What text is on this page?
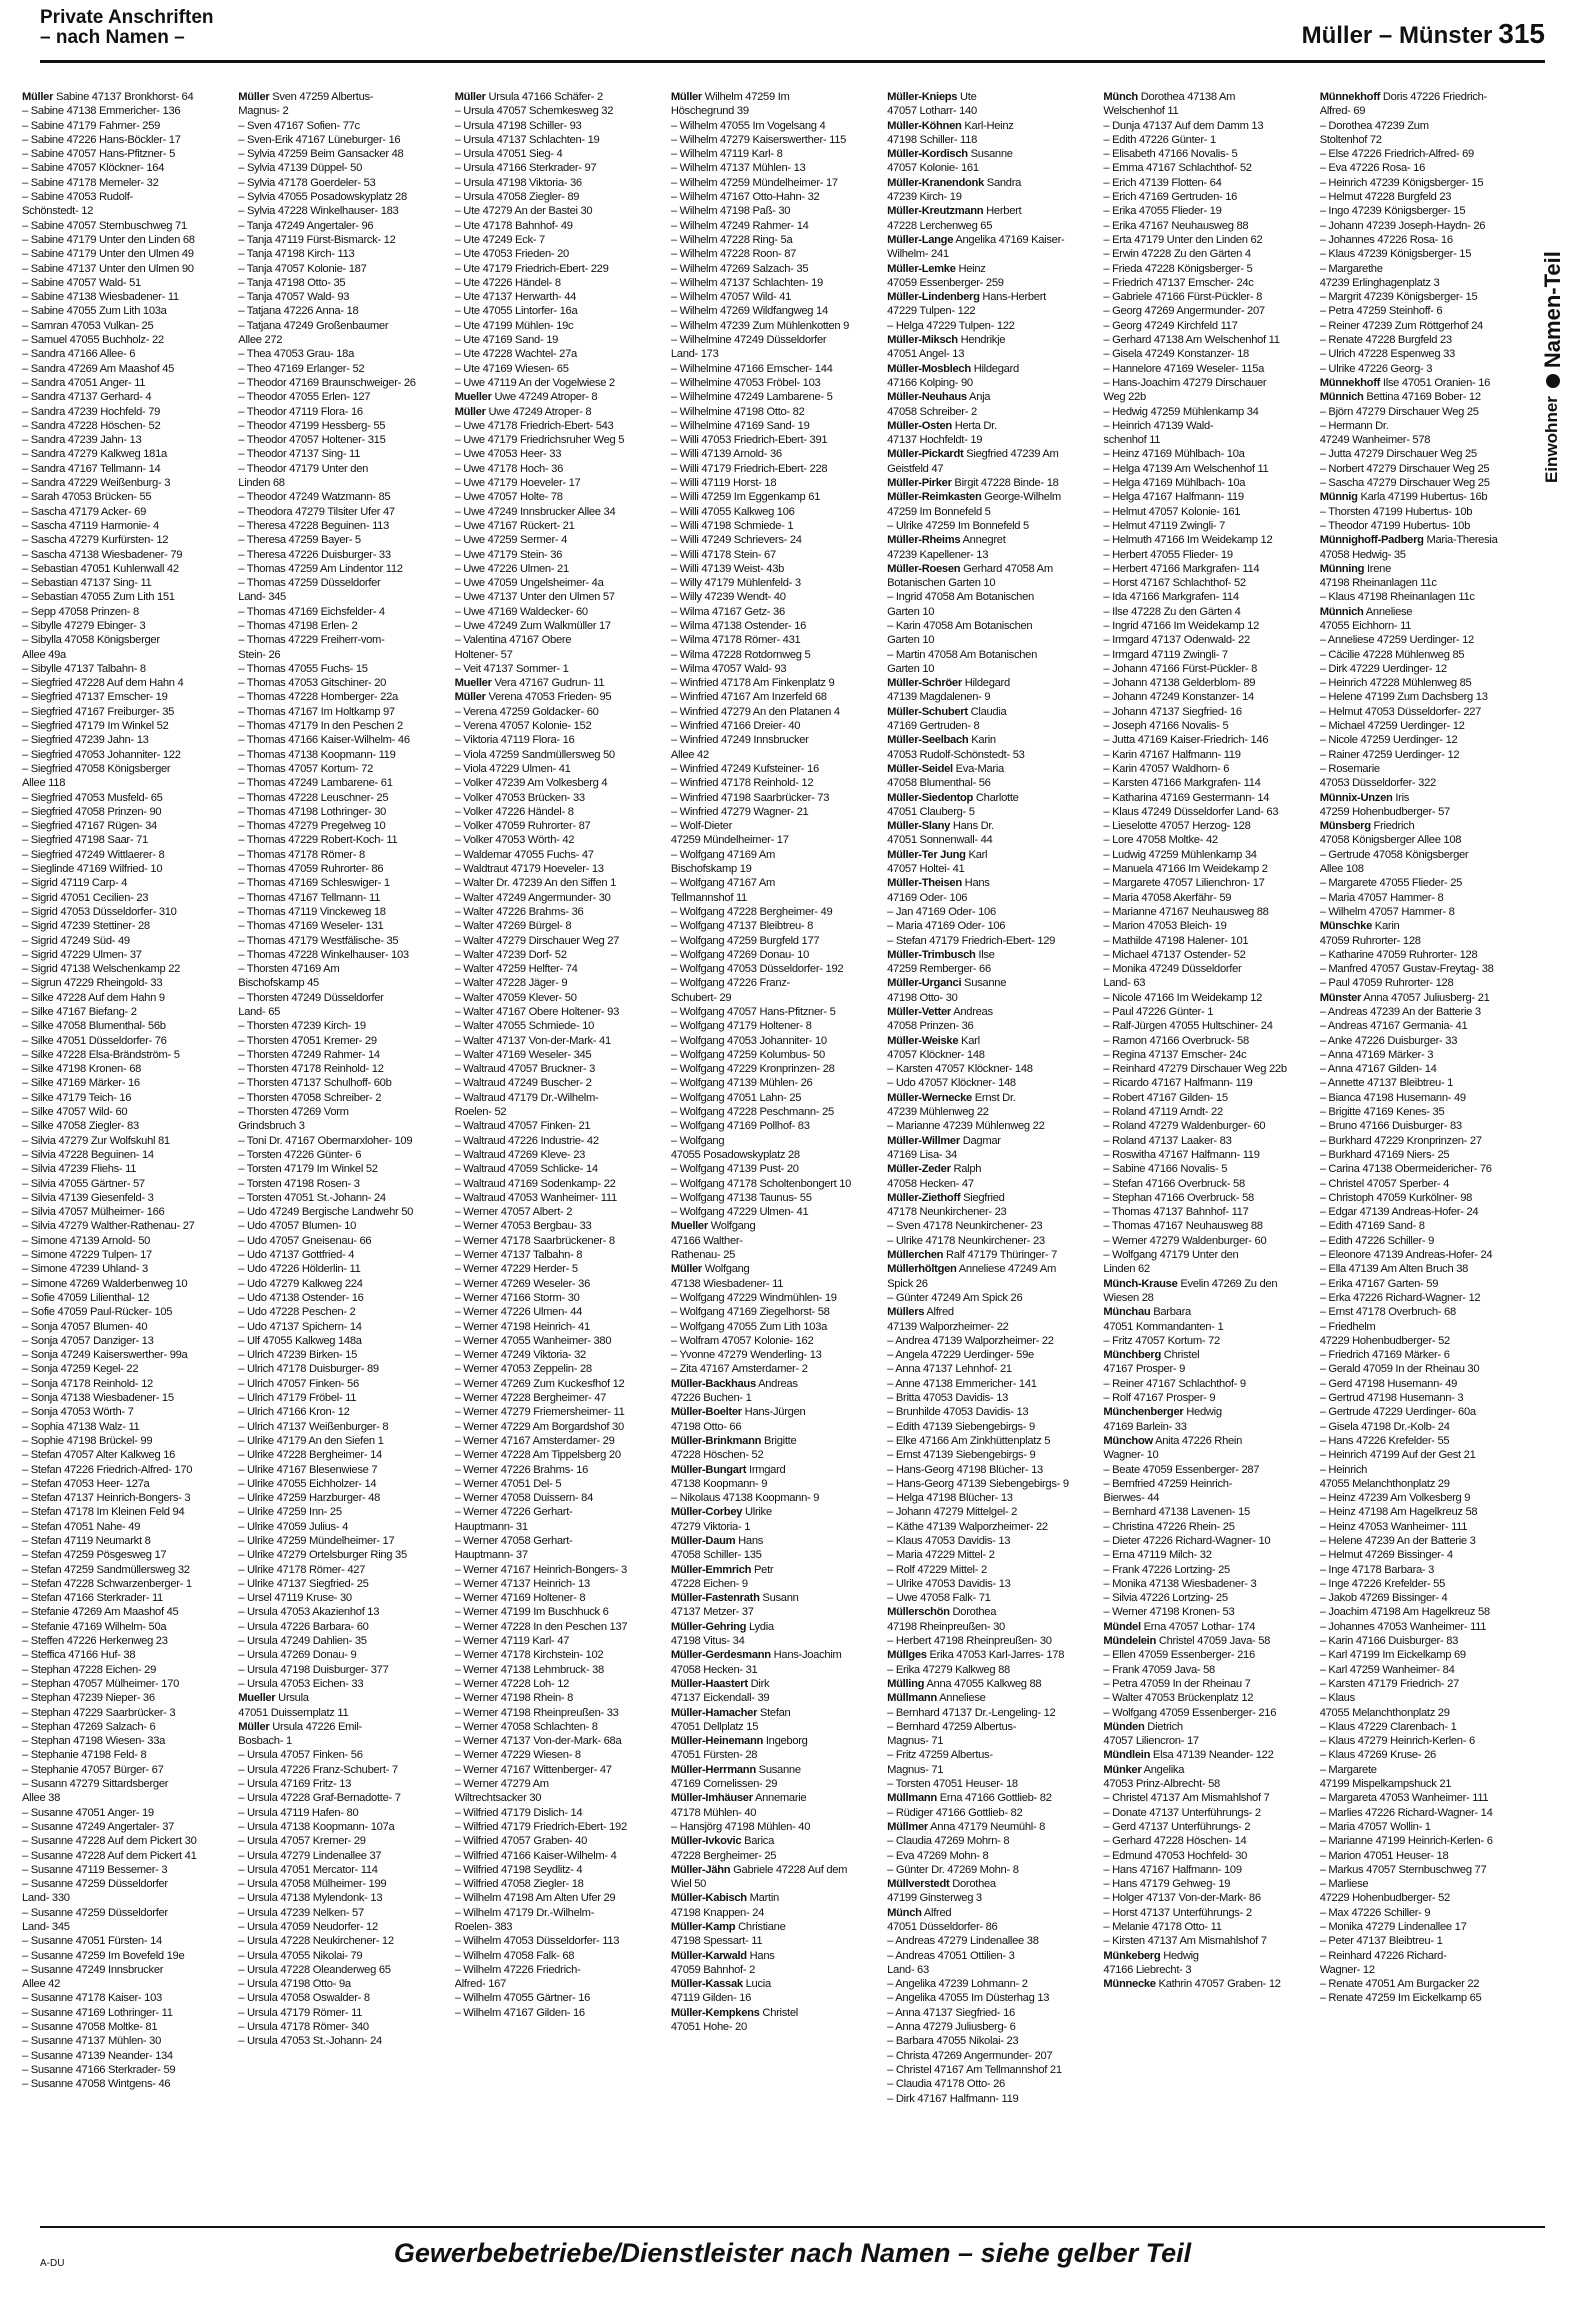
Private Anschriften
– nach Namen –	Müller – Münster 315
EinwohnerNamen-Teil
Müller Sabine 47137 Bronkhorst- 64
– Sabine 47138 Emmericher- 136
– Sabine 47179 Fahrner- 259
– Sabine 47226 Hans-Böckler- 17
– Sabine 47057 Hans-Pfitzner- 5
– Sabine 47057 Klöckner- 164
– Sabine 47178 Memeler- 32
– Sabine 47053 Rudolf-
Schönstedt- 12
– Sabine 47057 Sternbuschweg 71
– Sabine 47179 Unter den Linden 68
– Sabine 47179 Unter den Ulmen 49
– Sabine 47137 Unter den Ulmen 90
– Sabine 47057 Wald- 51
– Sabine 47138 Wiesbadener- 11
– Sabine 47055 Zum Lith 103a
– Samran 47053 Vulkan- 25
– Samuel 47055 Buchholz- 22
– Sandra 47166 Allee- 6
– Sandra 47269 Am Maashof 45
– Sandra 47051 Anger- 11
– Sandra 47137 Gerhard- 4
– Sandra 47239 Hochfeld- 79
– Sandra 47228 Höschen- 52
– Sandra 47239 Jahn- 13
– Sandra 47279 Kalkweg 181a
– Sandra 47167 Tellmann- 14
– Sandra 47229 Weißenburg- 3
– Sarah 47053 Brücken- 55
– Sascha 47179 Acker- 69
– Sascha 47119 Harmonie- 4
– Sascha 47279 Kurfürsten- 12
– Sascha 47138 Wiesbadener- 79
– Sebastian 47051 Kuhlenwall 42
– Sebastian 47137 Sing- 11
– Sebastian 47055 Zum Lith 151
– Sepp 47058 Prinzen- 8
– Sibylle 47279 Ebinger- 3
– Sibylla 47058 Königsberger
Allee 49a
– Sibylle 47137 Talbahn- 8
– Siegfried 47228 Auf dem Hahn 4
– Siegfried 47137 Emscher- 19
– Siegfried 47167 Freiburger- 35
– Siegfried 47179 Im Winkel 52
– Siegfried 47239 Jahn- 13
– Siegfried 47053 Johanniter- 122
– Siegfried 47058 Königsberger
Allee 118
– Siegfried 47053 Musfeld- 65
– Siegfried 47058 Prinzen- 90
– Siegfried 47167 Rügen- 34
– Siegfried 47198 Saar- 71
– Siegfried 47249 Wittlaerer- 8
– Sieglinde 47169 Wilfried- 10
– Sigrid 47119 Carp- 4
– Sigrid 47051 Cecilien- 23
– Sigrid 47053 Düsseldorfer- 310
– Sigrid 47239 Stettiner- 28
– Sigrid 47249 Süd- 49
– Sigrid 47229 Ulmen- 37
– Sigrid 47138 Welschenkamp 22
– Sigrun 47229 Rheingold- 33
– Silke 47228 Auf dem Hahn 9
– Silke 47167 Biefang- 2
– Silke 47058 Blumenthal- 56b
– Silke 47051 Düsseldorfer- 76
– Silke 47228 Elsa-Brändström- 5
– Silke 47198 Kronen- 68
– Silke 47169 Märker- 16
– Silke 47179 Teich- 16
– Silke 47057 Wild- 60
– Silke 47058 Ziegler- 83
– Silvia 47279 Zur Wolfskuhl 81
– Silvia 47228 Beguinen- 14
– Silvia 47239 Fliehs- 11
– Silvia 47055 Gärtner- 57
– Silvia 47139 Giesenfeld- 3
– Silvia 47057 Mülheimer- 166
– Silvia 47279 Walther-Rathenau- 27
– Simone 47139 Arnold- 50
– Simone 47229 Tulpen- 17
– Simone 47239 Uhland- 3
– Simone 47269 Walderbenweg 10
– Sofie 47059 Lilienthal- 12
– Sofie 47059 Paul-Rücker- 105
– Sonja 47057 Blumen- 40
– Sonja 47057 Danziger- 13
– Sonja 47249 Kaiserswerther- 99a
– Sonja 47259 Kegel- 22
– Sonja 47178 Reinhold- 12
– Sonja 47138 Wiesbadener- 15
– Sonja 47053 Wörth- 7
– Sophia 47138 Walz- 11
– Sophie 47198 Brückel- 99
– Stefan 47057 Alter Kalkweg 16
– Stefan 47226 Friedrich-Alfred- 170
– Stefan 47053 Heer- 127a
– Stefan 47137 Heinrich-Bongers- 3
– Stefan 47178 Im Kleinen Feld 94
– Stefan 47051 Nahe- 49
– Stefan 47119 Neumarkt 8
– Stefan 47259 Pösgesweg 17
– Stefan 47259 Sandmüllersweg 32
– Stefan 47228 Schwarzenberger- 1
– Stefan 47166 Sterkrader- 11
– Stefanie 47269 Am Maashof 45
– Stefanie 47169 Wilhelm- 50a
– Steffen 47226 Herkenweg 23
– Steffica 47166 Huf- 38
– Stephan 47228 Eichen- 29
– Stephan 47057 Mülheimer- 170
– Stephan 47239 Nieper- 36
– Stephan 47229 Saarbrücker- 3
– Stephan 47269 Salzach- 6
– Stephan 47198 Wiesen- 33a
– Stephanie 47198 Feld- 8
– Stephanie 47057 Bürger- 67
– Susann 47279 Sittardsberger
Allee 38
– Susanne 47051 Anger- 19
– Susanne 47249 Angertaler- 37
– Susanne 47228 Auf dem Pickert 30
– Susanne 47228 Auf dem Pickert 41
– Susanne 47119 Bessemer- 3
– Susanne 47259 Düsseldorfer
Land- 330
– Susanne 47259 Düsseldorfer
Land- 345
– Susanne 47051 Fürsten- 14
– Susanne 47259 Im Bovefeld 19e
– Susanne 47249 Innsbrucker
Allee 42
– Susanne 47178 Kaiser- 103
– Susanne 47169 Lothringer- 11
– Susanne 47058 Moltke- 81
– Susanne 47137 Mühlen- 30
– Susanne 47139 Neander- 134
– Susanne 47166 Sterkrader- 59
– Susanne 47058 Wintgens- 46
Müller Sven 47259 Albertus-
Magnus- 2
– Sven 47167 Sofien- 77c
– Sven-Erik 47167 Lüneburger- 16
– Sylvia 47259 Beim Gansacker 48
– Sylvia 47139 Düppel- 50
– Sylvia 47178 Goerdeler- 53
– Sylvia 47055 Posadowskyplatz 28
– Sylvia 47228 Winkelhauser- 183
– Tanja 47249 Angertaler- 96
– Tanja 47119 Fürst-Bismarck- 12
– Tanja 47198 Kirch- 113
– Tanja 47057 Kolonie- 187
– Tanja 47198 Otto- 35
– Tanja 47057 Wald- 93
– Tatjana 47226 Anna- 18
– Tatjana 47249 Großenbaumer
Allee 272
– Thea 47053 Grau- 18a
– Theo 47169 Erlanger- 52
– Theodor 47169 Braunschweiger- 26
– Theodor 47055 Erlen- 127
– Theodor 47119 Flora- 16
– Theodor 47199 Hessberg- 55
– Theodor 47057 Holtener- 315
– Theodor 47137 Sing- 11
– Theodor 47179 Unter den
Linden 68
– Theodor 47249 Watzmann- 85
– Theodora 47279 Tilsiter Ufer 47
– Theresa 47228 Beguinen- 113
– Theresa 47259 Bayer- 5
– Theresa 47226 Duisburger- 33
– Thomas 47259 Am Lindentor 112
– Thomas 47259 Düsseldorfer
Land- 345
– Thomas 47169 Eichsfelder- 4
– Thomas 47198 Erlen- 2
– Thomas 47229 Freiherr-vom-
Stein- 26
– Thomas 47055 Fuchs- 15
– Thomas 47053 Gitschiner- 20
– Thomas 47228 Homberger- 22a
– Thomas 47167 Im Holtkamp 97
– Thomas 47179 In den Peschen 2
– Thomas 47166 Kaiser-Wilhelm- 46
– Thomas 47138 Koopmann- 119
– Thomas 47057 Kortum- 72
– Thomas 47249 Lambarene- 61
– Thomas 47228 Leuschner- 25
– Thomas 47198 Lothringer- 30
– Thomas 47279 Pregelweg 10
– Thomas 47229 Robert-Koch- 11
– Thomas 47178 Römer- 8
– Thomas 47059 Ruhrorter- 86
– Thomas 47169 Schleswiger- 1
– Thomas 47167 Tellmann- 11
– Thomas 47119 Vinckeweg 18
– Thomas 47169 Weseler- 131
– Thomas 47179 Westfälische- 35
– Thomas 47228 Winkelhauser- 103
– Thorsten 47169 Am
Bischofskamp 45
– Thorsten 47249 Düsseldorfer
Land- 65
– Thorsten 47239 Kirch- 19
– Thorsten 47051 Kremer- 29
– Thorsten 47249 Rahmer- 14
– Thorsten 47178 Reinhold- 12
– Thorsten 47137 Schulhoff- 60b
– Thorsten 47058 Schreiber- 2
– Thorsten 47269 Vorm
Grindsbruch 3
– Toni Dr. 47167 Obermarxloher- 109
– Torsten 47226 Günter- 6
– Torsten 47179 Im Winkel 52
– Torsten 47198 Rosen- 3
– Torsten 47051 St.-Johann- 24
– Udo 47249 Bergische Landwehr 50
– Udo 47057 Blumen- 10
– Udo 47057 Gneisenau- 66
– Udo 47137 Gottfried- 4
– Udo 47226 Hölderlin- 11
– Udo 47279 Kalkweg 224
– Udo 47138 Ostender- 16
– Udo 47228 Peschen- 2
– Udo 47137 Spichern- 14
– Ulf 47055 Kalkweg 148a
– Ulrich 47239 Birken- 15
– Ulrich 47178 Duisburger- 89
– Ulrich 47057 Finken- 56
– Ulrich 47179 Fröbel- 11
– Ulrich 47166 Kron- 12
– Ulrich 47137 Weißenburger- 8
– Ulrike 47179 An den Siefen 1
– Ulrike 47228 Bergheimer- 14
– Ulrike 47167 Blesenwiese 7
– Ulrike 47055 Eichholzer- 14
– Ulrike 47259 Harzburger- 48
– Ulrike 47259 Inn- 25
– Ulrike 47059 Julius- 4
– Ulrike 47259 Mündelheimer- 17
– Ulrike 47279 Ortelsburger Ring 35
– Ulrike 47178 Römer- 427
– Ulrike 47137 Siegfried- 25
– Ursel 47119 Kruse- 30
– Ursula 47053 Akazienhof 13
– Ursula 47226 Barbara- 60
– Ursula 47249 Dahlien- 35
– Ursula 47269 Donau- 9
– Ursula 47198 Duisburger- 377
– Ursula 47053 Eichen- 33
Mueller Ursula
47051 Duissernplatz 11
Müller Ursula 47226 Emil-
Bosbach- 1
– Ursula 47057 Finken- 56
– Ursula 47226 Franz-Schubert- 7
– Ursula 47169 Fritz- 13
– Ursula 47228 Graf-Bernadotte- 7
– Ursula 47119 Hafen- 80
– Ursula 47138 Koopmann- 107a
– Ursula 47057 Kremer- 29
– Ursula 47279 Lindenallee 37
– Ursula 47051 Mercator- 114
– Ursula 47058 Mülheimer- 199
– Ursula 47138 Mylendonk- 13
– Ursula 47239 Nelken- 57
– Ursula 47059 Neudorfer- 12
– Ursula 47228 Neukirchener- 12
– Ursula 47055 Nikolai- 79
– Ursula 47228 Oleanderweg 65
– Ursula 47198 Otto- 9a
– Ursula 47058 Oswalder- 8
– Ursula 47179 Römer- 11
– Ursula 47178 Römer- 340
– Ursula 47053 St.-Johann- 24
Müller Ursula 47166 Schäfer- 2
– Ursula 47057 Schemkesweg 32
– Ursula 47198 Schiller- 93
– Ursula 47137 Schlachten- 19
– Ursula 47051 Sieg- 4
– Ursula 47166 Sterkrader- 97
– Ursula 47198 Viktoria- 36
– Ursula 47058 Ziegler- 89
– Ute 47279 An der Bastei 30
– Ute 47178 Bahnhof- 49
– Ute 47249 Eck- 7
– Ute 47053 Frieden- 20
– Ute 47179 Friedrich-Ebert- 229
– Ute 47226 Händel- 8
– Ute 47137 Herwarth- 44
– Ute 47055 Lintorfer- 16a
– Ute 47199 Mühlen- 19c
– Ute 47169 Sand- 19
– Ute 47228 Wachtel- 27a
– Ute 47169 Wiesen- 65
– Uwe 47119 An der Vogelwiese 2
Mueller Uwe 47249 Atroper- 8
Müller Uwe 47249 Atroper- 8
– Uwe 47178 Friedrich-Ebert- 543
– Uwe 47179 Friedrichsruher Weg 5
– Uwe 47053 Heer- 33
– Uwe 47178 Hoch- 36
– Uwe 47179 Hoeveler- 17
– Uwe 47057 Holte- 78
– Uwe 47249 Innsbrucker Allee 34
– Uwe 47167 Rückert- 21
– Uwe 47259 Sermer- 4
– Uwe 47179 Stein- 36
– Uwe 47226 Ulmen- 21
– Uwe 47059 Ungelsheimer- 4a
– Uwe 47137 Unter den Ulmen 57
– Uwe 47169 Waldecker- 60
– Uwe 47249 Zum Walkmüller 17
– Valentina 47167 Obere
Holtener- 57
– Veit 47137 Sommer- 1
Mueller Vera 47167 Gudrun- 11
Müller Verena 47053 Frieden- 95
– Verena 47259 Goldacker- 60
– Verena 47057 Kolonie- 152
– Viktoria 47119 Flora- 16
– Viola 47259 Sandmüllersweg 50
– Viola 47229 Ulmen- 41
– Volker 47239 Am Volkesberg 4
– Volker 47053 Brücken- 33
– Volker 47226 Händel- 8
– Volker 47059 Ruhrorter- 87
– Volker 47053 Wörth- 42
– Waldemar 47055 Fuchs- 47
– Waldtraut 47179 Hoeveler- 13
– Walter Dr. 47239 An den Siffen 1
– Walter 47249 Angermunder- 30
– Walter 47226 Brahms- 36
– Walter 47269 Bürgel- 8
– Walter 47279 Dirschauer Weg 27
– Walter 47239 Dorf- 52
– Walter 47259 Helfter- 74
– Walter 47228 Jäger- 9
– Walter 47059 Klever- 50
– Walter 47167 Obere Holtener- 93
– Walter 47055 Schmiede- 10
– Walter 47137 Von-der-Mark- 41
– Walter 47169 Weseler- 345
– Waltraud 47057 Bruckner- 3
– Waltraud 47249 Buscher- 2
– Waltraud 47179 Dr.-Wilhelm-
Roelen- 52
– Waltraud 47057 Finken- 21
– Waltraud 47226 Industrie- 42
– Waltraud 47269 Kleve- 23
– Waltraud 47059 Schlicke- 14
– Waltraud 47169 Sodenkamp- 22
– Waltraud 47053 Wanheimer- 111
– Werner 47057 Albert- 2
– Werner 47053 Bergbau- 33
– Werner 47178 Saarbrückener- 8
– Werner 47137 Talbahn- 8
– Werner 47229 Herder- 5
– Werner 47269 Weseler- 36
– Werner 47166 Storm- 30
– Werner 47226 Ulmen- 44
– Werner 47198 Heinrich- 41
– Werner 47055 Wanheimer- 380
– Werner 47249 Viktoria- 32
– Werner 47053 Zeppelin- 28
– Werner 47269 Zum Kuckesfhof 12
– Werner 47228 Bergheimer- 47
– Werner 47279 Friemersheimer- 11
– Werner 47229 Am Borgardshof 30
– Werner 47167 Amsterdamer- 29
– Werner 47228 Am Tippelsberg 20
– Werner 47226 Brahms- 16
– Werner 47051 Del- 5
– Werner 47058 Duissern- 84
– Werner 47226 Gerhart-
Hauptmann- 31
– Werner 47058 Gerhart-
Hauptmann- 37
– Werner 47167 Heinrich-Bongers- 3
– Werner 47137 Heinrich- 13
– Werner 47169 Holtener- 8
– Werner 47199 Im Buschhuck 6
– Werner 47228 In den Peschen 137
– Werner 47119 Karl- 47
– Werner 47178 Kirchstein- 102
– Werner 47138 Lehmbruck- 38
– Werner 47228 Loh- 12
– Werner 47198 Rhein- 8
– Werner 47198 Rheinpreußen- 33
– Werner 47058 Schlachten- 8
– Werner 47137 Von-der-Mark- 68a
– Werner 47229 Wiesen- 8
– Werner 47167 Wittenberger- 47
– Werner 47279 Am
Wiltrechtsacker 30
– Wilfried 47179 Dislich- 14
– Wilfried 47179 Friedrich-Ebert- 192
– Wilfried 47057 Graben- 40
– Wilfried 47166 Kaiser-Wilhelm- 4
– Wilfried 47198 Seydlitz- 4
– Wilfried 47058 Ziegler- 18
– Wilhelm 47198 Am Alten Ufer 29
– Wilhelm 47179 Dr.-Wilhelm-
Roelen- 383
– Wilhelm 47053 Düsseldorfer- 113
– Wilhelm 47058 Falk- 68
– Wilhelm 47226 Friedrich-
Alfred- 167
– Wilhelm 47055 Gärtner- 16
– Wilhelm 47167 Gilden- 16
Müller Wilhelm 47259 Im
Höschegrund 39
– Wilhelm 47055 Im Vogelsang 4
– Wilhelm 47279 Kaiserswerther- 115
– Wilhelm 47119 Karl- 8
– Wilhelm 47137 Mühlen- 13
– Wilhelm 47259 Mündelheimer- 17
– Wilhelm 47167 Otto-Hahn- 32
– Wilhelm 47198 Paß- 30
– Wilhelm 47249 Rahmer- 14
– Wilhelm 47228 Ring- 5a
– Wilhelm 47228 Roon- 87
– Wilhelm 47269 Salzach- 35
– Wilhelm 47137 Schlachten- 19
– Wilhelm 47057 Wild- 41
– Wilhelm 47269 Wildfangweg 14
– Wilhelm 47239 Zum Mühlenkotten 9
– Wilhelmine 47249 Düsseldorfer
Land- 173
– Wilhelmine 47166 Emscher- 144
– Wilhelmine 47053 Fröbel- 103
– Wilhelmine 47249 Lambarene- 5
– Wilhelmine 47198 Otto- 82
– Wilhelmine 47169 Sand- 19
– Willi 47053 Friedrich-Ebert- 391
– Willi 47139 Arnold- 36
– Willi 47179 Friedrich-Ebert- 228
– Willi 47119 Horst- 18
– Willi 47259 Im Eggenkamp 61
– Willi 47055 Kalkweg 106
– Willi 47198 Schmiede- 1
– Willi 47249 Schrievers- 24
– Willi 47178 Stein- 67
– Willi 47139 Weist- 43b
– Willy 47179 Mühlenfeld- 3
– Willy 47239 Wendt- 40
– Wilma 47167 Getz- 36
– Wilma 47138 Ostender- 16
– Wilma 47178 Römer- 431
– Wilma 47228 Rotdornweg 5
– Wilma 47057 Wald- 93
– Winfried 47178 Am Finkenplatz 9
– Winfried 47167 Am Inzerfeld 68
– Winfried 47279 An den Platanen 4
– Winfried 47166 Dreier- 40
– Winfried 47249 Innsbrucker
Allee 42
– Winfried 47249 Kufsteiner- 16
– Winfried 47178 Reinhold- 12
– Winfried 47198 Saarbrücker- 73
– Winfried 47279 Wagner- 21
– Wolf-Dieter
47259 Mündelheimer- 17
– Wolfgang 47169 Am
Bischofskamp 19
– Wolfgang 47167 Am
Tellmannshof 11
– Wolfgang 47228 Bergheimer- 49
– Wolfgang 47137 Bleibtreu- 8
– Wolfgang 47259 Burgfeld 177
– Wolfgang 47269 Donau- 10
– Wolfgang 47053 Düsseldorfer- 192
– Wolfgang 47226 Franz-
Schubert- 29
– Wolfgang 47057 Hans-Pfitzner- 5
– Wolfgang 47179 Holtener- 8
– Wolfgang 47053 Johanniter- 10
– Wolfgang 47259 Kolumbus- 50
– Wolfgang 47229 Kronprinzen- 28
– Wolfgang 47139 Mühlen- 26
– Wolfgang 47051 Lahn- 25
– Wolfgang 47228 Peschmann- 25
– Wolfgang 47169 Pollhof- 83
– Wolfgang
47055 Posadowskyplatz 28
– Wolfgang 47139 Pust- 20
– Wolfgang 47178 Scholtenbongert 10
– Wolfgang 47138 Taunus- 55
– Wolfgang 47229 Ulmen- 41
Mueller Wolfgang
47166 Walther-
Rathenau- 25
Müller Wolfgang
47138 Wiesbadener- 11
– Wolfgang 47229 Windmühlen- 19
– Wolfgang 47169 Ziegelhorst- 58
– Wolfgang 47055 Zum Lith 103a
– Wolfram 47057 Kolonie- 162
– Yvonne 47279 Wenderling- 13
– Zita 47167 Amsterdamer- 2
Müller-Backhaus Andreas
47226 Buchen- 1
Müller-Boelter Hans-Jürgen
47198 Otto- 66
Müller-Brinkmann Brigitte
47228 Höschen- 52
Müller-Bungart Irmgard
47138 Koopmann- 9
– Nikolaus 47138 Koopmann- 9
Müller-Corbey Ulrike
47279 Viktoria- 1
Müller-Daum Hans
47058 Schiller- 135
Müller-Emmrich Petr
47228 Eichen- 9
Müller-Fastenrath Susann
47137 Metzer- 37
Müller-Gehring Lydia
47198 Vitus- 34
Müller-Gerdesmann Hans-Joachim
47058 Hecken- 31
Müller-Haastert Dirk
47137 Eickendall- 39
Müller-Hamacher Stefan
47051 Dellplatz 15
Müller-Heinemann Ingeborg
47051 Fürsten- 28
Müller-Herrmann Susanne
47169 Cornelissen- 29
Müller-Imhäuser Annemarie
47178 Mühlen- 40
– Hansjörg 47198 Mühlen- 40
Müller-Ivkovic Barica
47228 Bergheimer- 25
Müller-Jähn Gabriele 47228 Auf dem
Wiel 50
Müller-Kabisch Martin
47198 Knappen- 24
Müller-Kamp Christiane
47198 Spessart- 11
Müller-Karwald Hans
47059 Bahnhof- 2
Müller-Kassak Lucia
47119 Gilden- 16
Müller-Kempkens Christel
47051 Hohe- 20
Müller-Knieps Ute
47057 Lotharr- 140
Müller-Köhnen Karl-Heinz
47198 Schiller- 118
Müller-Kordisch Susanne
47057 Kolonie- 161
Müller-Kranendonk Sandra
47239 Kirch- 19
Müller-Kreutzmann Herbert
47228 Lerchenweg 65
Müller-Lange Angelika 47169 Kaiser-
Wilhelm- 241
Müller-Lemke Heinz
47059 Essenberger- 259
Müller-Lindenberg Hans-Herbert
47229 Tulpen- 122
– Helga 47229 Tulpen- 122
Müller-Miksch Hendrikje
47051 Angel- 13
Müller-Mosblech Hildegard
47166 Kolping- 90
Müller-Neuhaus Anja
47058 Schreiber- 2
Müller-Osten Herta Dr.
47137 Hochfeldt- 19
Müller-Pickardt Siegfried 47239 Am
Geistfeld 47
Müller-Pirker Birgit 47228 Binde- 18
Müller-Reimkasten George-Wilhelm
47259 Im Bonnefeld 5
– Ulrike 47259 Im Bonnefeld 5
Müller-Rheims Annegret
47239 Kapellener- 13
Müller-Roesen Gerhard 47058 Am
Botanischen Garten 10
– Ingrid 47058 Am Botanischen
Garten 10
– Karin 47058 Am Botanischen
Garten 10
– Martin 47058 Am Botanischen
Garten 10
Müller-Schröer Hildegard
47139 Magdalenen- 9
Müller-Schubert Claudia
47169 Gertruden- 8
Müller-Seelbach Karin
47053 Rudolf-Schönstedt- 53
Müller-Seidel Eva-Maria
47058 Blumenthal- 56
Müller-Siedentop Charlotte
47051 Clauberg- 5
Müller-Slany Hans Dr.
47051 Sonnenwall- 44
Müller-Ter Jung Karl
47057 Holtei- 41
Müller-Theisen Hans
47169 Oder- 106
– Jan 47169 Oder- 106
– Maria 47169 Oder- 106
– Stefan 47179 Friedrich-Ebert- 129
Müller-Trimbusch Ilse
47259 Remberger- 66
Müller-Urganci Susanne
47198 Otto- 30
Müller-Vetter Andreas
47058 Prinzen- 36
Müller-Weiske Karl
47057 Klöckner- 148
– Karsten 47057 Klöckner- 148
– Udo 47057 Klöckner- 148
Müller-Wernecke Ernst Dr.
47239 Mühlenweg 22
– Marianne 47239 Mühlenweg 22
Müller-Willmer Dagmar
47169 Lisa- 34
Müller-Zeder Ralph
47058 Hecken- 47
Müller-Ziethoff Siegfried
47178 Neunkirchener- 23
– Sven 47178 Neunkirchener- 23
– Ulrike 47178 Neunkirchener- 23
Müllerchen Ralf 47179 Thüringer- 7
Müllerhöltgen Anneliese 47249 Am
Spick 26
– Günter 47249 Am Spick 26
Müllers Alfred
47139 Walporzheimer- 22
– Andrea 47139 Walporzheimer- 22
– Angela 47229 Uerdinger- 59e
– Anna 47137 Lehnhof- 21
– Anne 47138 Emmericher- 141
– Britta 47053 Davidis- 13
– Brunhilde 47053 Davidis- 13
– Edith 47139 Siebengebirgs- 9
– Elke 47166 Am Zinkhüttenplatz 5
– Ernst 47139 Siebengebirgs- 9
– Hans-Georg 47198 Blücher- 13
– Hans-Georg 47139 Siebengebirgs- 9
– Helga 47198 Blücher- 13
– Johann 47279 Mittelgel- 2
– Käthe 47139 Walporzheimer- 22
– Klaus 47053 Davidis- 13
– Maria 47229 Mittel- 2
– Rolf 47229 Mittel- 2
– Ulrike 47053 Davidis- 13
– Uwe 47058 Falk- 71
Müllerschön Dorothea
47198 Rheinpreußen- 30
– Herbert 47198 Rheinpreußen- 30
Müllges Erika 47053 Karl-Jarres- 178
– Erika 47279 Kalkweg 88
Mülling Anna 47055 Kalkweg 88
Müllmann Anneliese
– Bernhard 47137 Dr.-Lengeling- 12
– Bernhard 47259 Albertus-
Magnus- 71
– Fritz 47259 Albertus-
Magnus- 71
– Torsten 47051 Heuser- 18
Müllmann Erna 47166 Gottlieb- 82
– Rüdiger 47166 Gottlieb- 82
Müllmer Anna 47179 Neumühl- 8
– Claudia 47269 Mohrn- 8
– Eva 47269 Mohn- 8
– Günter Dr. 47269 Mohn- 8
Müllverstedt Dorothea
47199 Ginsterweg 3
Münch Alfred
47051 Düsseldorfer- 86
– Andreas 47279 Lindenallee 38
– Andreas 47051 Ottilien- 3
Land- 63
– Angelika 47239 Lohmann- 2
– Angelika 47055 Im Düsterhag 13
– Anna 47137 Siegfried- 16
– Anna 47279 Juliusberg- 6
– Barbara 47055 Nikolai- 23
– Christa 47269 Angermunder- 207
– Christel 47167 Am Tellmannshof 21
– Claudia 47178 Otto- 26
– Dirk 47167 Halfmann- 119
Münch Dorothea 47138 Am
Welschenhof 11
– Dunja 47137 Auf dem Damm 13
– Edith 47226 Günter- 1
– Elisabeth 47166 Novalis- 5
– Emma 47167 Schlachthof- 52
– Erich 47139 Flotten- 64
– Erich 47169 Gertruden- 16
– Erika 47055 Flieder- 19
– Erika 47167 Neuhausweg 88
– Erta 47179 Unter den Linden 62
– Erwin 47228 Zu den Gärten 4
– Frieda 47228 Königsberger- 5
– Friedrich 47137 Emscher- 24c
– Gabriele 47166 Fürst-Pückler- 8
– Georg 47269 Angermunder- 207
– Georg 47249 Kirchfeld 117
– Gerhard 47138 Am Welschenhof 11
– Gisela 47249 Konstanzer- 18
– Hannelore 47169 Weseler- 115a
– Hans-Joachim 47279 Dirschauer
Weg 22b
– Hedwig 47259 Mühlenkamp 34
– Heinrich 47139 Wald-
schenhof 11
– Heinz 47169 Mühlbach- 10a
– Helga 47139 Am Welschenhof 11
– Helga 47169 Mühlbach- 10a
– Helga 47167 Halfmann- 119
– Helmut 47057 Kolonie- 161
– Helmut 47119 Zwingli- 7
– Helmuth 47166 Im Weidekamp 12
– Herbert 47055 Flieder- 19
– Herbert 47166 Markgrafen- 114
– Horst 47167 Schlachthof- 52
– Ida 47166 Markgrafen- 114
– Ilse 47228 Zu den Gärten 4
– Ingrid 47166 Im Weidekamp 12
– Irmgard 47137 Odenwald- 22
– Irmgard 47119 Zwingli- 7
– Johann 47166 Fürst-Pückler- 8
– Johann 47138 Gelderblom- 89
– Johann 47249 Konstanzer- 14
– Johann 47137 Siegfried- 16
– Joseph 47166 Novalis- 5
– Jutta 47169 Kaiser-Friedrich- 146
– Karin 47167 Halfmann- 119
– Karin 47057 Waldhorn- 6
– Karsten 47166 Markgrafen- 114
– Katharina 47169 Gestermann- 14
– Klaus 47249 Düsseldorfer Land- 63
– Lieselotte 47057 Herzog- 128
– Lore 47058 Moltke- 42
– Ludwig 47259 Mühlenkamp 34
– Manuela 47166 Im Weidekamp 2
– Margarete 47057 Lilienchron- 17
– Maria 47058 Akerfähr- 59
– Marianne 47167 Neuhausweg 88
– Marion 47053 Bleich- 19
– Mathilde 47198 Halener- 101
– Michael 47137 Ostender- 52
– Monika 47249 Düsseldorfer
Land- 63
– Nicole 47166 Im Weidekamp 12
– Paul 47226 Günter- 1
– Ralf-Jürgen 47055 Hultschiner- 24
– Ramon 47166 Overbruck- 58
– Regina 47137 Emscher- 24c
– Reinhard 47279 Dirschauer Weg 22b
– Ricardo 47167 Halfmann- 119
– Robert 47167 Gilden- 15
– Roland 47119 Arndt- 22
– Roland 47279 Waldenburger- 60
– Roland 47137 Laaker- 83
– Roswitha 47167 Halfmann- 119
– Sabine 47166 Novalis- 5
– Stefan 47166 Overbruck- 58
– Stephan 47166 Overbruck- 58
– Thomas 47137 Bahnhof- 117
– Thomas 47167 Neuhausweg 88
– Werner 47279 Waldenburger- 60
– Wolfgang 47179 Unter den
Linden 62
Münch-Krause Evelin 47269 Zu den
Wiesen 28
Münchau Barbara
47051 Kommandanten- 1
– Fritz 47057 Kortum- 72
Münchberg Christel
47167 Prosper- 9
– Reiner 47167 Schlachthof- 9
– Rolf 47167 Prosper- 9
Münchenberger Hedwig
47169 Barlein- 33
Münchow Anita 47226 Rhein
Wagner- 10
– Beate 47059 Essenberger- 287
– Bernfried 47259 Heinrich-
Bierwes- 44
– Bernhard 47138 Lavenen- 15
– Christina 47226 Rhein- 25
– Dieter 47226 Richard-Wagner- 10
– Erna 47119 Milch- 32
– Frank 47226 Lortzing- 25
– Monika 47138 Wiesbadener- 3
– Silvia 47226 Lortzing- 25
– Werner 47198 Kronen- 53
Mündel Erna 47057 Lothar- 174
Mündelein Christel 47059 Java- 58
– Ellen 47059 Essenberger- 216
– Frank 47059 Java- 58
– Petra 47059 In der Rheinau 7
– Walter 47053 Brückenplatz 12
– Wolfgang 47059 Essenberger- 216
Münden Dietrich
47057 Liliencron- 17
Mündlein Elsa 47139 Neander- 122
Münker Angelika
47053 Prinz-Albrecht- 58
– Christel 47137 Am Mismahlshof 7
– Donate 47137 Unterführungs- 2
– Gerd 47137 Unterführungs- 2
– Gerhard 47228 Höschen- 14
– Edmund 47053 Hochfeld- 30
– Hans 47167 Halfmann- 109
– Hans 47179 Gehweg- 19
– Holger 47137 Von-der-Mark- 86
– Horst 47137 Unterführungs- 2
– Melanie 47178 Otto- 11
– Kirsten 47137 Am Mismahlshof 7
Münkeberg Hedwig
47166 Liebrecht- 3
Münnecke Kathrin 47057 Graben- 12
Münnekhoff Doris 47226 Friedrich-
Alfred- 69
– Dorothea 47239 Zum
Stoltenhof 72
– Else 47226 Friedrich-Alfred- 69
– Eva 47226 Rosa- 16
– Heinrich 47239 Königsberger- 15
– Helmut 47228 Burgfeld 23
– Ingo 47239 Königsberger- 15
– Johann 47239 Joseph-Haydn- 26
– Johannes 47226 Rosa- 16
– Klaus 47239 Königsberger- 15
– Margarethe
47239 Erlinghagenplatz 3
– Margrit 47239 Königsberger- 15
– Petra 47259 Steinhoff- 6
– Reiner 47239 Zum Röttgerhof 24
– Renate 47228 Burgfeld 23
– Ulrich 47228 Espenweg 33
– Ulrike 47226 Georg- 3
Münnekhoff Ilse 47051 Oranien- 16
Münnich Bettina 47169 Bober- 12
– Björn 47279 Dirschauer Weg 25
– Hermann Dr.
47249 Wanheimer- 578
– Jutta 47279 Dirschauer Weg 25
– Norbert 47279 Dirschauer Weg 25
– Sascha 47279 Dirschauer Weg 25
Münnig Karla 47199 Hubertus- 16b
– Thorsten 47199 Hubertus- 10b
– Theodor 47199 Hubertus- 10b
Münnighoff-Padberg Maria-Theresia
47058 Hedwig- 35
Münning Irene
47198 Rheinanlagen 11c
– Klaus 47198 Rheinanlagen 11c
Münnich Anneliese
47055 Eichhorn- 11
– Anneliese 47259 Uerdinger- 12
– Cäcilie 47228 Mühlenweg 85
– Dirk 47229 Uerdinger- 12
– Heinrich 47228 Mühlenweg 85
– Helene 47199 Zum Dachsberg 13
– Helmut 47053 Düsseldorfer- 227
– Michael 47259 Uerdinger- 12
– Nicole 47259 Uerdinger- 12
– Rainer 47259 Uerdinger- 12
– Rosemarie
47053 Düsseldorfer- 322
Münnix-Unzen Iris
47259 Hohenbudberger- 57
Münsberg Friedrich
47058 Königsberger Allee 108
– Gertrude 47058 Königsberger
Allee 108
– Margarete 47055 Flieder- 25
– Maria 47057 Hammer- 8
– Wilhelm 47057 Hammer- 8
Münschke Karin
47059 Ruhrorter- 128
– Katharine 47059 Ruhrorter- 128
– Manfred 47057 Gustav-Freytag- 38
– Paul 47059 Ruhrorter- 128
Münster Anna 47057 Juliusberg- 21
– Andreas 47239 An der Batterie 3
– Andreas 47167 Germania- 41
– Anke 47226 Duisburger- 33
– Anna 47169 Märker- 3
– Anna 47167 Gilden- 14
– Annette 47137 Bleibtreu- 1
– Bianca 47198 Husemann- 49
– Brigitte 47169 Kenes- 35
– Bruno 47166 Duisburger- 83
– Burkhard 47229 Kronprinzen- 27
– Burkhard 47169 Niers- 25
– Carina 47138 Obermeidericher- 76
– Christel 47057 Sperber- 4
– Christoph 47059 Kurkölner- 98
– Edgar 47139 Andreas-Hofer- 24
– Edith 47169 Sand- 8
– Edith 47226 Schiller- 9
– Eleonore 47139 Andreas-Hofer- 24
– Ella 47139 Am Alten Bruch 38
– Erika 47167 Garten- 59
– Erka 47226 Richard-Wagner- 12
– Ernst 47178 Overbruch- 68
– Friedhelm
47229 Hohenbudberger- 52
– Friedrich 47169 Märker- 6
– Gerald 47059 In der Rheinau 30
– Gerd 47198 Husemann- 49
– Gertrud 47198 Husemann- 3
– Gertrude 47229 Uerdinger- 60a
– Gisela 47198 Dr.-Kolb- 24
– Hans 47226 Krefelder- 55
– Heinrich 47199 Auf der Gest 21
– Heinrich
47055 Melanchthonplatz 29
– Heinz 47239 Am Volkesberg 9
– Heinz 47198 Am Hagelkreuz 58
– Heinz 47053 Wanheimer- 111
– Helene 47239 An der Batterie 3
– Helmut 47269 Bissinger- 4
– Inge 47178 Barbara- 3
– Inge 47226 Krefelder- 55
– Jakob 47269 Bissinger- 4
– Joachim 47198 Am Hagelkreuz 58
– Johannes 47053 Wanheimer- 111
– Karin 47166 Duisburger- 83
– Karl 47199 Im Eickelkamp 69
– Karl 47259 Wanheimer- 84
– Karsten 47179 Friedrich- 27
– Klaus
47055 Melanchthonplatz 29
– Klaus 47229 Clarenbach- 1
– Klaus 47279 Heinrich-Kerlen- 6
– Klaus 47269 Kruse- 26
– Margarete
47199 Mispelkampshuck 21
– Margareta 47053 Wanheimer- 111
– Marlies 47226 Richard-Wagner- 14
– Maria 47057 Wollin- 1
– Marianne 47199 Heinrich-Kerlen- 6
– Marion 47051 Heuser- 18
– Markus 47057 Sternbuschweg 77
– Marliese
47229 Hohenbudberger- 52
– Max 47226 Schiller- 9
– Monika 47279 Lindenallee 17
– Peter 47137 Bleibtreu- 1
– Reinhard 47226 Richard-
Wagner- 12
– Renate 47051 Am Burgacker 22
– Renate 47259 Im Eickelkamp 65
A-DU	Gewerbebetriebe/Dienstleister nach Namen – siehe gelber Teil
